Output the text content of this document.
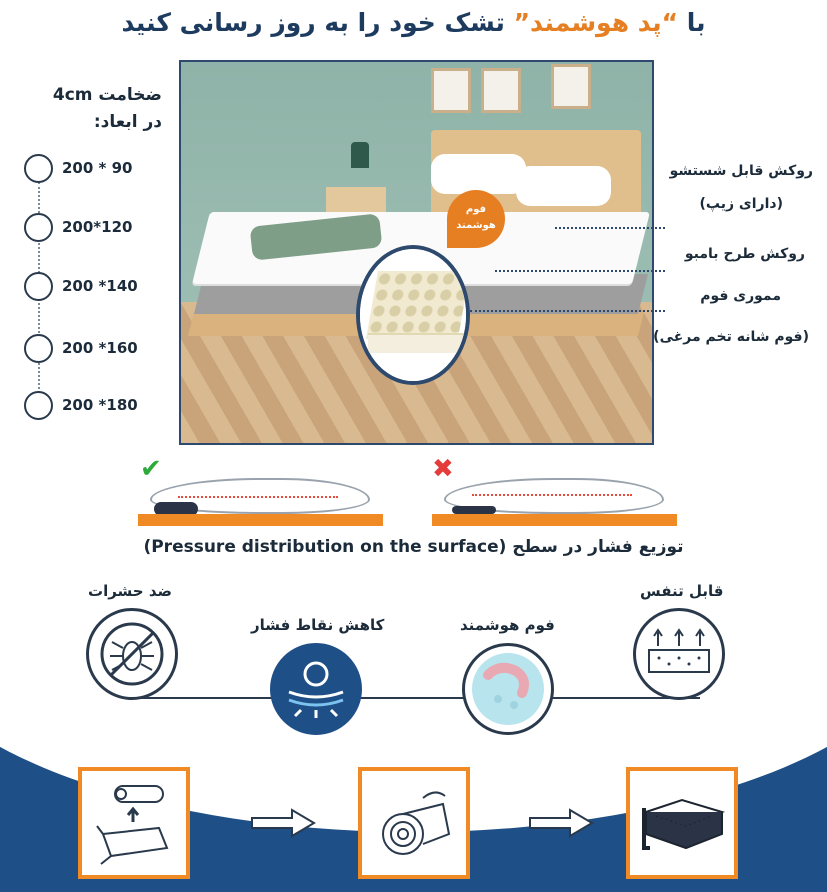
با “پد هوشمند” تشک خود را به روز رسانی کنید
ضخامت 4cm
در ابعاد:
200 * 90
200*120
200 *140
200 *160
200 *180
فوم
هوشمند
روکش قابل شستشو
(دارای زیپ)
روکش طرح بامبو
مموری فوم
(فوم شانه تخم مرغی)
✔	✖
(Pressure distribution on the surface) توزیع فشار در سطح
قابل تنفس
فوم هوشمند
کاهش نقاط فشار
ضد حشرات
